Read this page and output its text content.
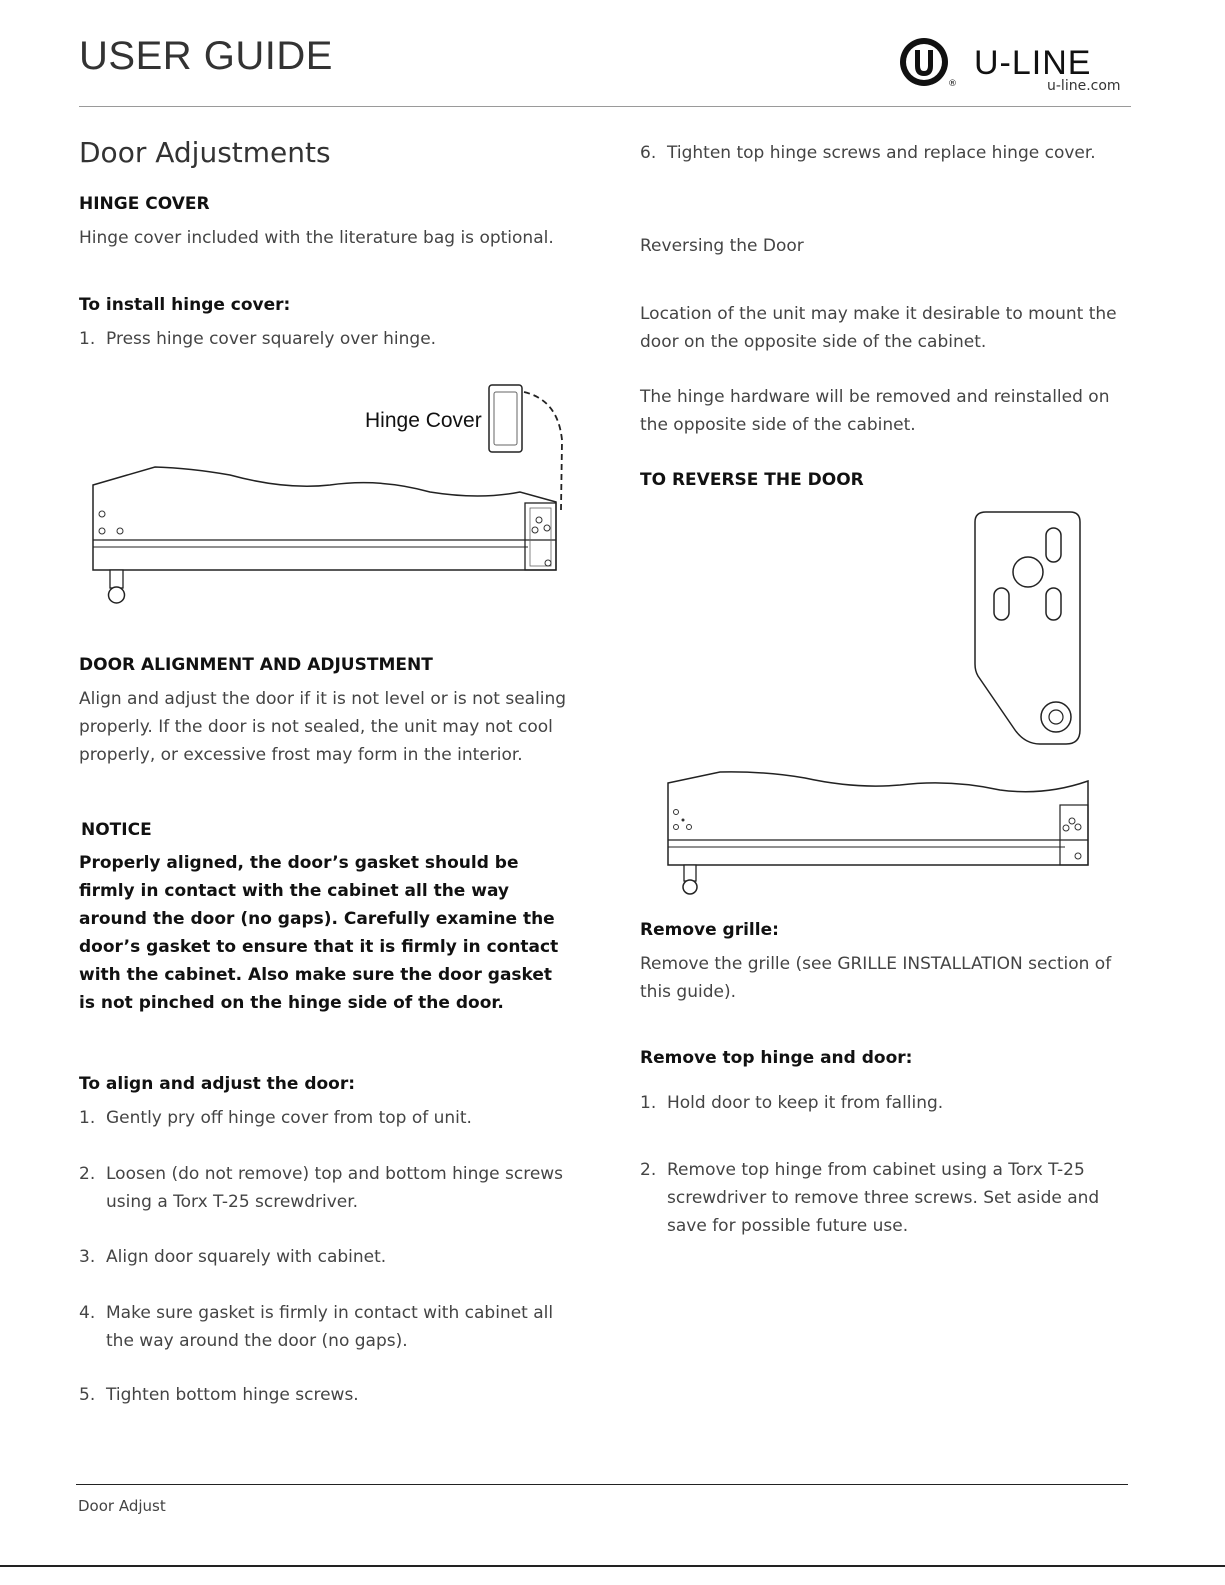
USER GUIDE
®
U-LINE
u-line.com
Door Adjustments
HINGE COVER
Hinge cover included with the literature bag is optional.
To install hinge cover:
1. Press hinge cover squarely over hinge.
Hinge Cover
DOOR ALIGNMENT AND ADJUSTMENT
Align and adjust the door if it is not level or is not sealing properly. If the door is not sealed, the unit may not cool properly, or excessive frost may form in the interior.
NOTICE
Properly aligned, the door’s gasket should be firmly in contact with the cabinet all the way around the door (no gaps). Carefully examine the door’s gasket to ensure that it is firmly in contact with the cabinet. Also make sure the door gasket is not pinched on the hinge side of the door.
To align and adjust the door:
1. Gently pry off hinge cover from top of unit.
2. Loosen (do not remove) top and bottom hinge screws using a Torx T-25 screwdriver.
3. Align door squarely with cabinet.
4. Make sure gasket is firmly in contact with cabinet all the way around the door (no gaps).
5. Tighten bottom hinge screws.
6. Tighten top hinge screws and replace hinge cover.
Reversing the Door
Location of the unit may make it desirable to mount the door on the opposite side of the cabinet.
The hinge hardware will be removed and reinstalled on the opposite side of the cabinet.
TO REVERSE THE DOOR
Remove grille:
Remove the grille (see GRILLE INSTALLATION section of this guide).
Remove top hinge and door:
1. Hold door to keep it from falling.
2. Remove top hinge from cabinet using a Torx T-25 screwdriver to remove three screws. Set aside and save for possible future use.
Door Adjust
